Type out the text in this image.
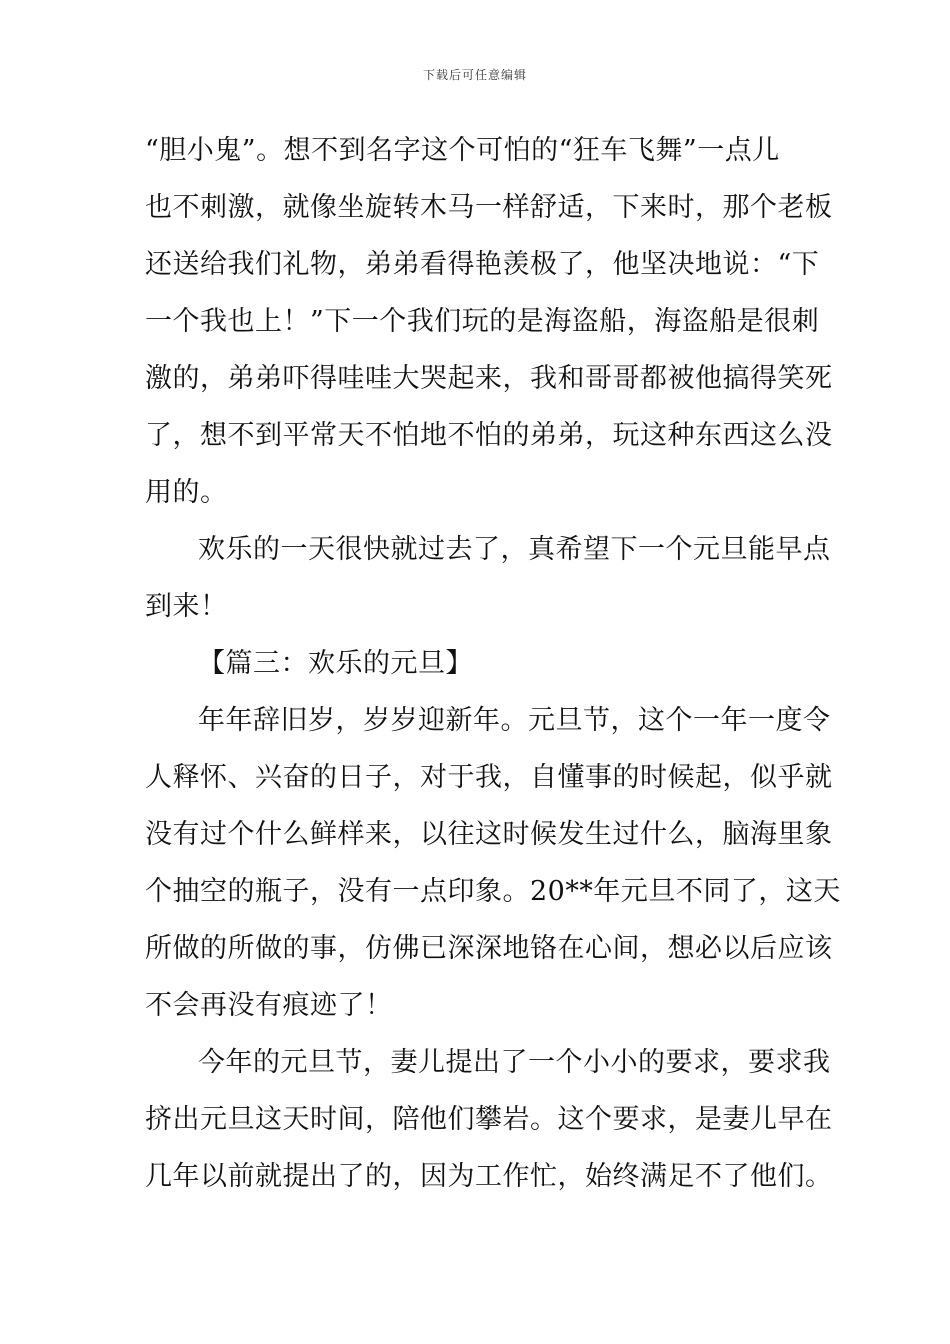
下载后可任意编辑
“胆小鬼”。想不到名字这个可怕的“狂车飞舞”一点儿
也不刺激，就像坐旋转木马一样舒适，下来时，那个老板
还送给我们礼物，弟弟看得艳羡极了，他坚决地说：“下
一个我也上！”下一个我们玩的是海盗船，海盗船是很刺
激的，弟弟吓得哇哇大哭起来，我和哥哥都被他搞得笑死
了，想不到平常天不怕地不怕的弟弟，玩这种东西这么没
用的。
欢乐的一天很快就过去了，真希望下一个元旦能早点
到来！
【篇三：欢乐的元旦】
年年辞旧岁，岁岁迎新年。元旦节，这个一年一度令
人释怀、兴奋的日子，对于我，自懂事的时候起，似乎就
没有过个什么鲜样来，以往这时候发生过什么，脑海里象
个抽空的瓶子，没有一点印象。20**年元旦不同了，这天
所做的所做的事，仿佛已深深地铬在心间，想必以后应该
不会再没有痕迹了！
今年的元旦节，妻儿提出了一个小小的要求，要求我
挤出元旦这天时间，陪他们攀岩。这个要求，是妻儿早在
几年以前就提出了的，因为工作忙，始终满足不了他们。
